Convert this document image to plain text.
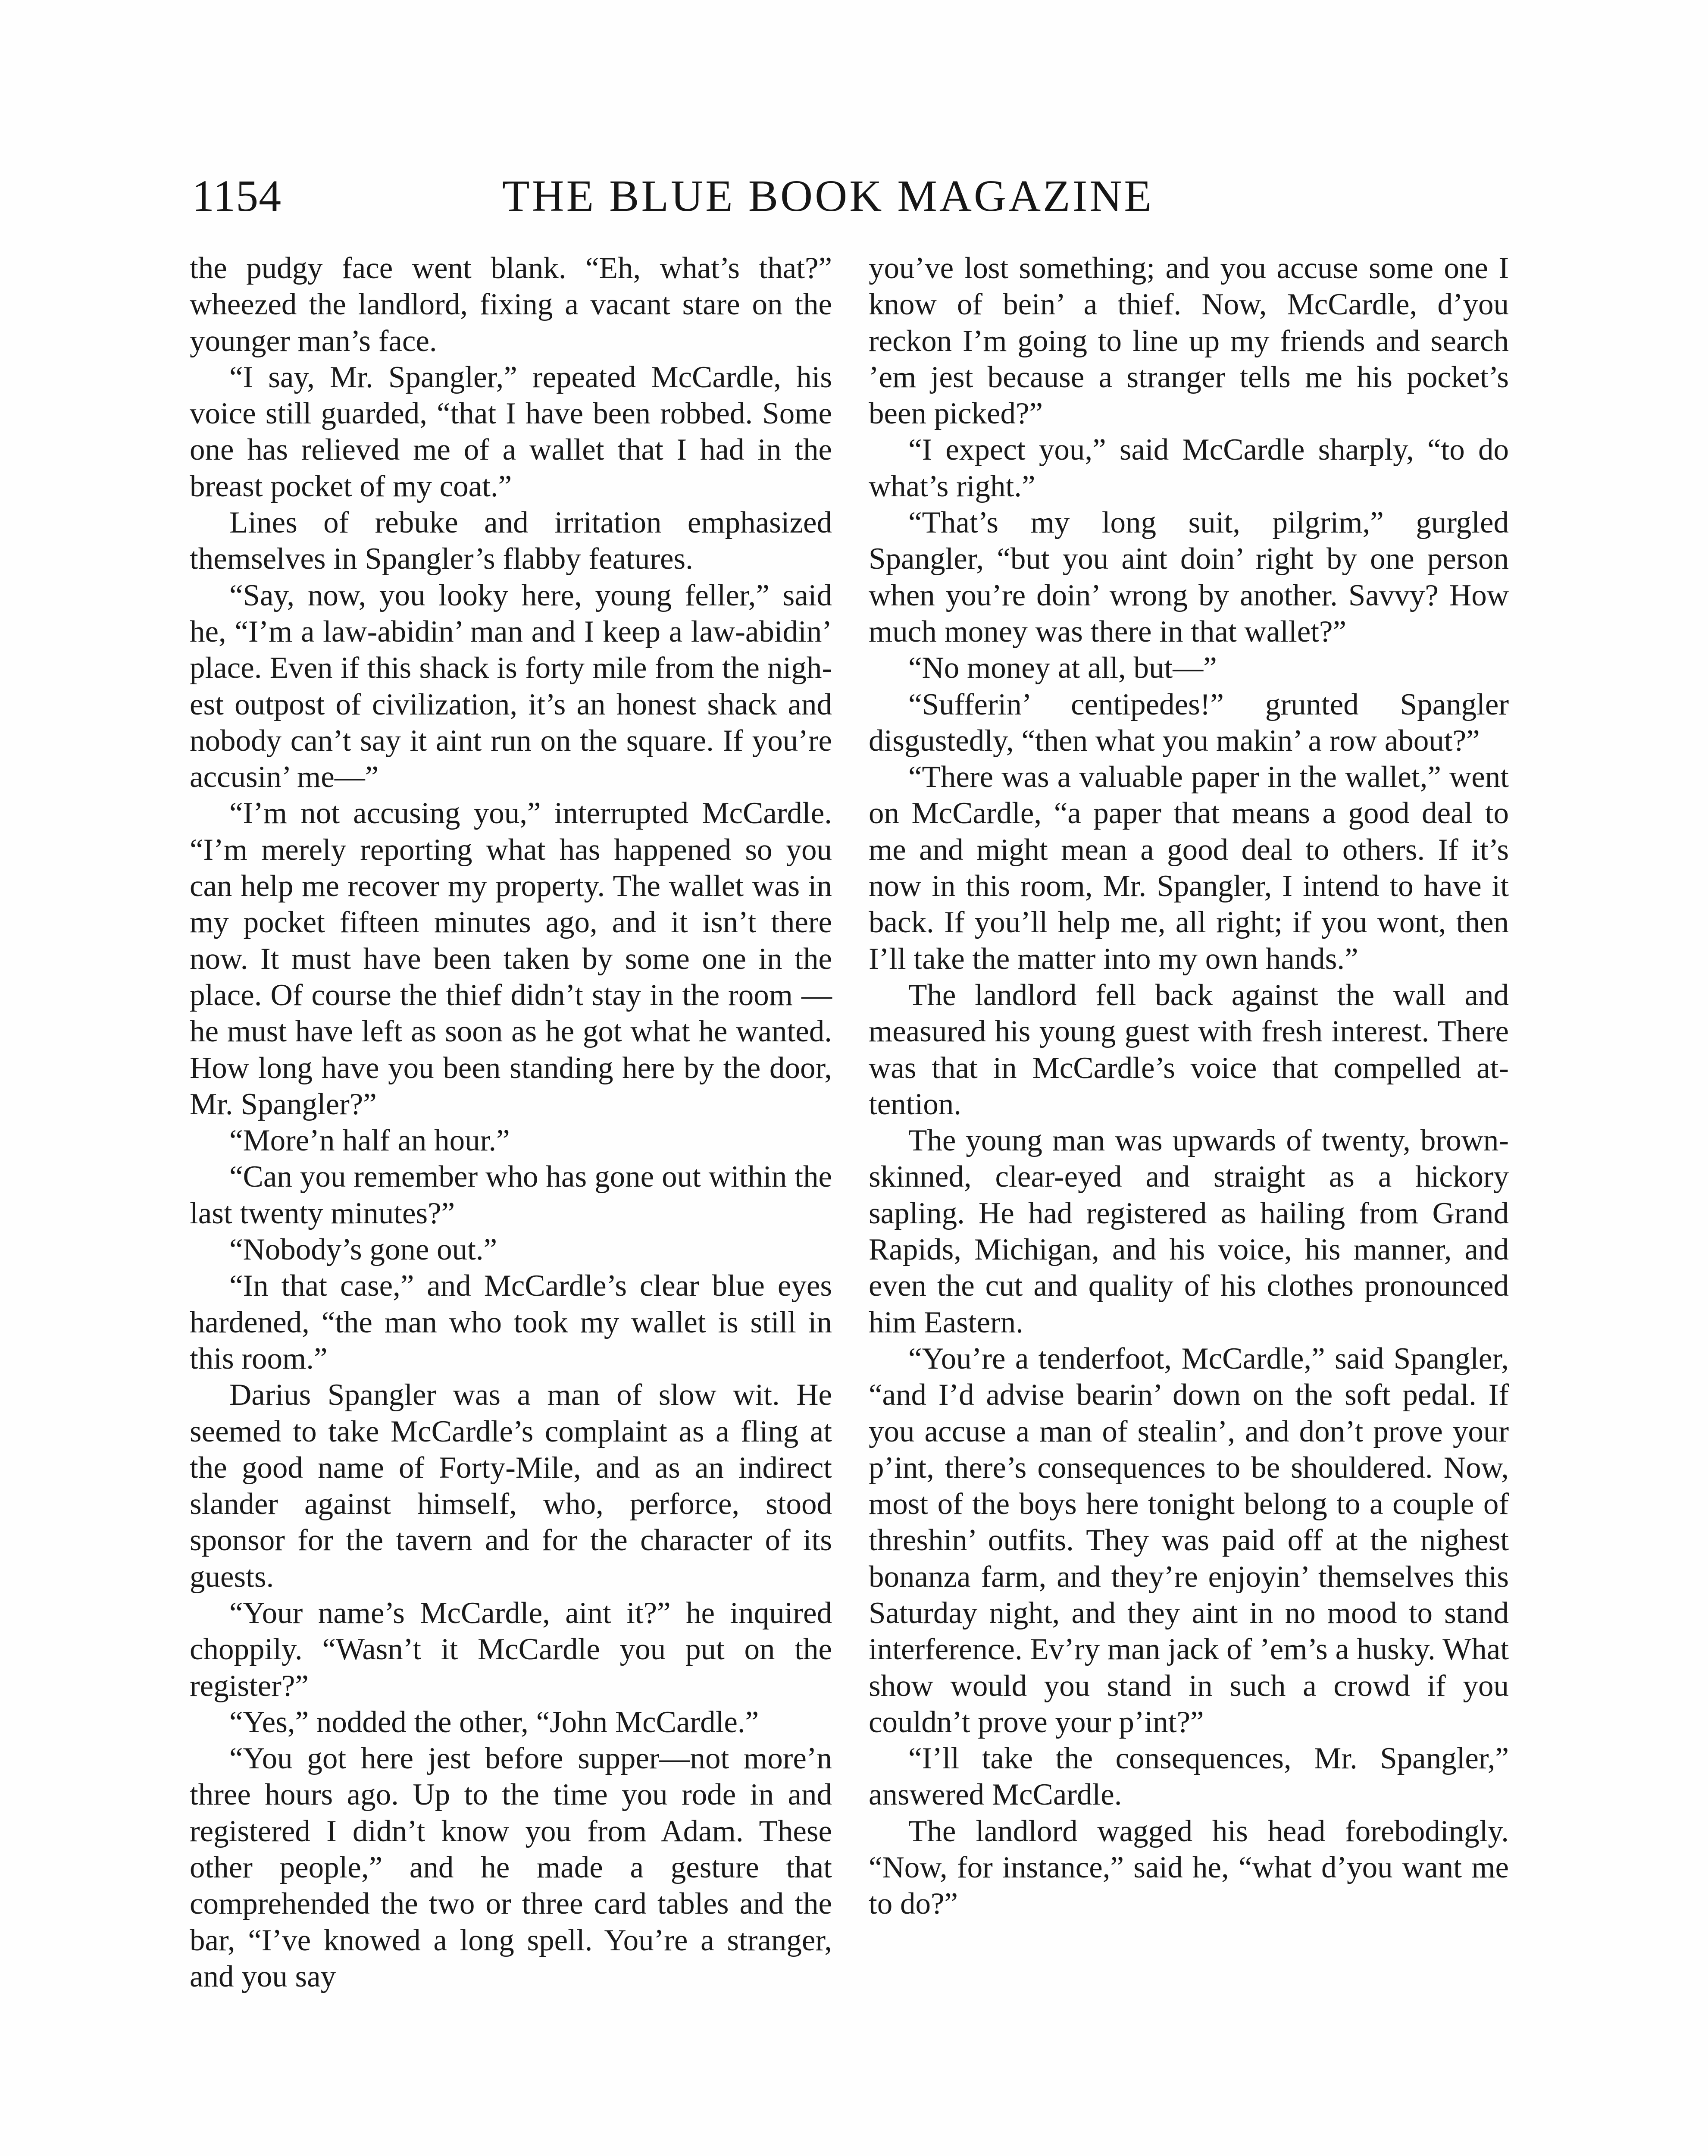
1154	THE BLUE BOOK MAGAZINE

the pudgy face went blank. “Eh, what’s that?” wheezed the landlord, fixing a vacant stare on the younger man’s face.

“I say, Mr. Spangler,” repeated McCardle, his voice still guarded, “that I have been robbed. Some one has relieved me of a wallet that I had in the breast pocket of my coat.”

Lines of rebuke and irritation emphasized themselves in Spangler’s flabby features.

“Say, now, you looky here, young feller,” said he, “I’m a law-abidin’ man and I keep a law-abidin’ place. Even if this shack is forty mile from the nighest outpost of civilization, it’s an honest shack and nobody can’t say it aint run on the square. If you’re accusin’ me—”

“I’m not accusing you,” interrupted McCardle. “I’m merely reporting what has happened so you can help me recover my property. The wallet was in my pocket fifteen minutes ago, and it isn’t there now. It must have been taken by some one in the place. Of course the thief didn’t stay in the room —he must have left as soon as he got what he wanted. How long have you been standing here by the door, Mr. Spangler?”

“More’n half an hour.”

“Can you remember who has gone out within the last twenty minutes?”

“Nobody’s gone out.”

“In that case,” and McCardle’s clear blue eyes hardened, “the man who took my wallet is still in this room.”

Darius Spangler was a man of slow wit. He seemed to take McCardle’s complaint as a fling at the good name of Forty-Mile, and as an indirect slander against himself, who, perforce, stood sponsor for the tavern and for the character of its guests.

“Your name’s McCardle, aint it?” he inquired choppily. “Wasn’t it McCardle you put on the register?”

“Yes,” nodded the other, “John McCardle.”

“You got here jest before supper—not more’n three hours ago. Up to the time you rode in and registered I didn’t know you from Adam. These other people,” and he made a gesture that comprehended the two or three card tables and the bar, “I’ve knowed a long spell. You’re a stranger, and you say

you’ve lost something; and you accuse some one I know of bein’ a thief. Now, McCardle, d’you reckon I’m going to line up my friends and search ’em jest because a stranger tells me his pocket’s been picked?”

“I expect you,” said McCardle sharply, “to do what’s right.”

“That’s my long suit, pilgrim,” gurgled Spangler, “but you aint doin’ right by one person when you’re doin’ wrong by another. Savvy? How much money was there in that wallet?”

“No money at all, but—”

“Sufferin’ centipedes!” grunted Spangler disgustedly, “then what you makin’ a row about?”

“There was a valuable paper in the wallet,” went on McCardle, “a paper that means a good deal to me and might mean a good deal to others. If it’s now in this room, Mr. Spangler, I intend to have it back. If you’ll help me, all right; if you wont, then I’ll take the matter into my own hands.”

The landlord fell back against the wall and measured his young guest with fresh interest. There was that in McCardle’s voice that compelled attention.

The young man was upwards of twenty, brown-skinned, clear-eyed and straight as a hickory sapling. He had registered as hailing from Grand Rapids, Michigan, and his voice, his manner, and even the cut and quality of his clothes pronounced him Eastern.

“You’re a tenderfoot, McCardle,” said Spangler, “and I’d advise bearin’ down on the soft pedal. If you accuse a man of stealin’, and don’t prove your p’int, there’s consequences to be shouldered. Now, most of the boys here tonight belong to a couple of threshin’ outfits. They was paid off at the nighest bonanza farm, and they’re enjoyin’ themselves this Saturday night, and they aint in no mood to stand interference. Ev’ry man jack of ’em’s a husky. What show would you stand in such a crowd if you couldn’t prove your p’int?”

“I’ll take the consequences, Mr. Spangler,” answered McCardle.

The landlord wagged his head forebodingly. “Now, for instance,” said he, “what d’you want me to do?”
